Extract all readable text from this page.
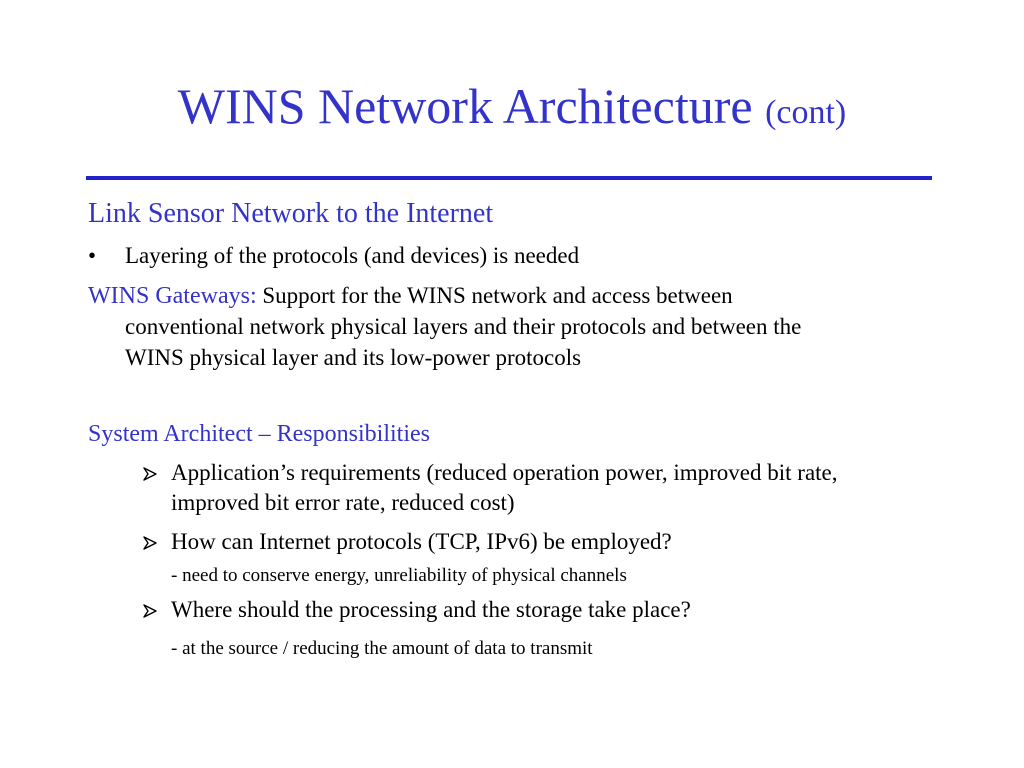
WINS Network Architecture (cont)
Link Sensor Network to the Internet
• Layering of the protocols (and devices) is needed
WINS Gateways: Support for the WINS network and access between
conventional network physical layers and their protocols and between the
WINS physical layer and its low-power protocols
System Architect – Responsibilities
Application’s requirements (reduced operation power, improved bit rate,
improved bit error rate, reduced cost)
How can Internet protocols (TCP, IPv6) be employed?
- need to conserve energy, unreliability of physical channels
Where should the processing and the storage take place?
- at the source / reducing the amount of data to transmit
